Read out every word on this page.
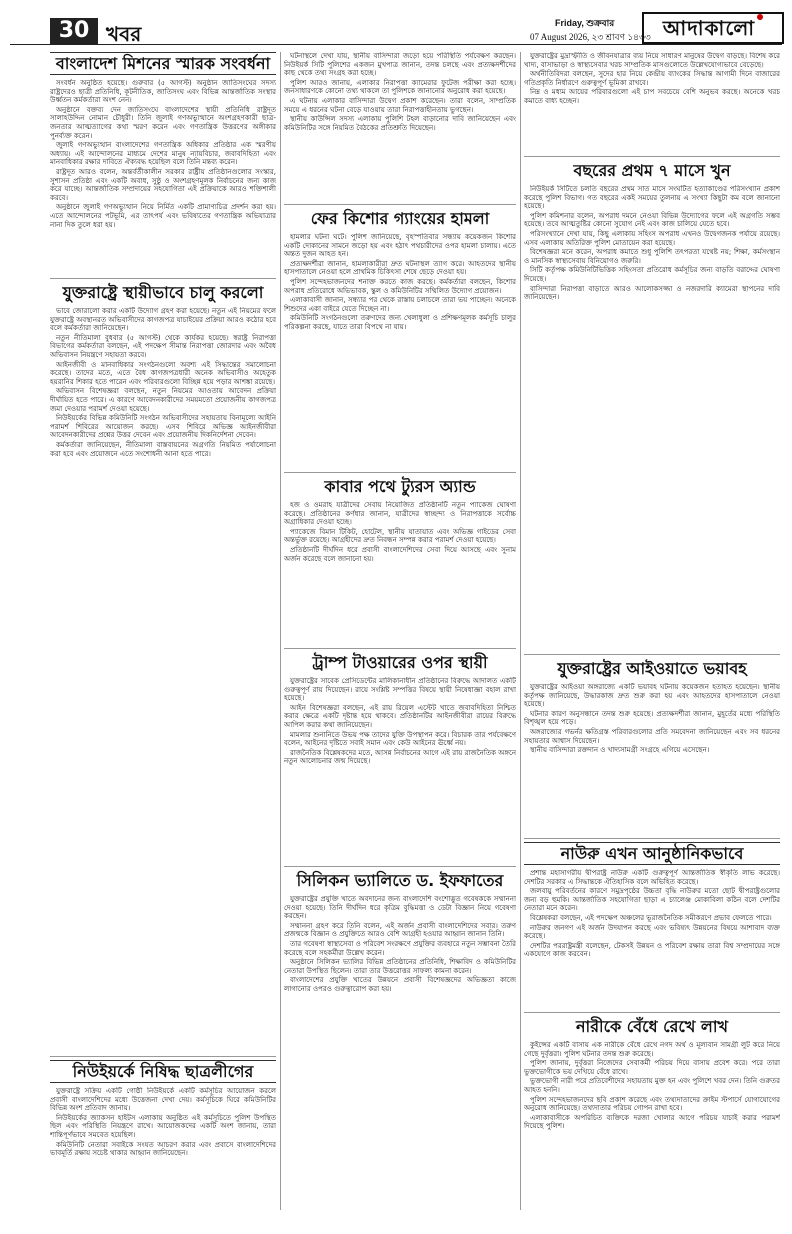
30 খবর	Friday, শুক্রবার
07 August 2026, ২৩ শ্রাবণ ১৪৩৩ আদাকালো
বাংলাদেশ মিশনের স্মারক সংবর্ধনা

সংবর্ধন অনুষ্ঠিত হয়েছে। গুরুবার (৫ আগস্ট) অনুষ্ঠান জাতিসংঘের সদস্য রাষ্ট্রদেরও ছাত্রী প্রতিনিধি, কূটনীতিক, জাতিসংঘ এবং বিভিন্ন আন্তর্জাতিক সংস্থার উর্ধ্বতন কর্মকর্তারা অংশ নেন।

অনুষ্ঠানে বক্তব্য দেন জাতিসংঘে বাংলাদেশের স্থায়ী প্রতিনিধি রাষ্ট্রদূত সালাহউদ্দিন নোমান চৌধুরী। তিনি জুলাই গণঅভ্যুত্থানে অংশগ্রহণকারী ছাত্র-জনতার আত্মত্যাগের কথা স্মরণ করেন এবং গণতান্ত্রিক উত্তরণের অঙ্গীকার পুনর্ব্যক্ত করেন।

জুলাই গণঅভ্যুত্থান বাংলাদেশের গণতান্ত্রিক অধিকার প্রতিষ্ঠার এক স্মরণীয় অধ্যায়। এই আন্দোলনের মাধ্যমে দেশের মানুষ ন্যায়বিচার, জবাবদিহিতা এবং মানবাধিকার রক্ষার দাবিতে ঐক্যবদ্ধ হয়েছিল বলে তিনি মন্তব্য করেন।

রাষ্ট্রদূত আরও বলেন, অন্তর্বর্তীকালীন সরকার রাষ্ট্রীয় প্রতিষ্ঠানগুলোর সংস্কার, সুশাসন প্রতিষ্ঠা এবং একটি অবাধ, সুষ্ঠু ও অংশগ্রহণমূলক নির্বাচনের জন্য কাজ করে যাচ্ছে। আন্তর্জাতিক সম্প্রদায়ের সহযোগিতা এই প্রক্রিয়াকে আরও শক্তিশালী করবে।

অনুষ্ঠানে জুলাই গণঅভ্যুত্থান নিয়ে নির্মিত একটি প্রামাণ্যচিত্র প্রদর্শন করা হয়। এতে আন্দোলনের পটভূমি, এর তাৎপর্য এবং ভবিষ্যতের গণতান্ত্রিক অভিযাত্রার নানা দিক তুলে ধরা হয়।

যুক্তরাষ্ট্রে স্থায়ীভাবে চালু করলো

ভাবে জোরালো করার একটি উদ্যোগ গ্রহণ করা হয়েছে। নতুন এই নিয়মের ফলে যুক্তরাষ্ট্রে অবস্থানরত অভিবাসীদের কাগজপত্র যাচাইয়ের প্রক্রিয়া আরও কঠোর হবে বলে কর্মকর্তারা জানিয়েছেন।

নতুন নীতিমালা বুধবার (৫ আগস্ট) থেকে কার্যকর হয়েছে। স্বরাষ্ট্র নিরাপত্তা বিভাগের কর্মকর্তারা বলছেন, এই পদক্ষেপ সীমান্ত নিরাপত্তা জোরদার এবং অবৈধ অভিবাসন নিয়ন্ত্রণে সহায়তা করবে।

আইনজীবী ও মানবাধিকার সংগঠনগুলো অবশ্য এই সিদ্ধান্তের সমালোচনা করেছে। তাদের মতে, এতে বৈধ কাগজপত্রধারী অনেক অভিবাসীও অহেতুক হয়রানির শিকার হতে পারেন এবং পরিবারগুলো বিচ্ছিন্ন হয়ে পড়ার আশঙ্কা রয়েছে।

অভিবাসন বিশেষজ্ঞরা বলছেন, নতুন নিয়মের আওতায় আবেদন প্রক্রিয়া দীর্ঘায়িত হতে পারে। এ কারণে আবেদনকারীদের সময়মতো প্রয়োজনীয় কাগজপত্র জমা দেওয়ার পরামর্শ দেওয়া হয়েছে।

নিউইয়র্কের বিভিন্ন কমিউনিটি সংগঠন অভিবাসীদের সহায়তায় বিনামূল্যে আইনি পরামর্শ শিবিরের আয়োজন করছে। এসব শিবিরে অভিজ্ঞ আইনজীবীরা আবেদনকারীদের প্রশ্নের উত্তর দেবেন এবং প্রয়োজনীয় দিকনির্দেশনা দেবেন।

কর্মকর্তারা জানিয়েছেন, নীতিমালা বাস্তবায়নের অগ্রগতি নিয়মিত পর্যালোচনা করা হবে এবং প্রয়োজনে এতে সংশোধনী আনা হতে পারে।

নিউইয়র্কে নিষিদ্ধ ছাত্রলীগের

যুক্তরাষ্ট্রে সক্রিয় একটি গোষ্ঠী নিউইয়র্কে একটি কর্মসূচির আয়োজন করলে প্রবাসী বাংলাদেশিদের মধ্যে উত্তেজনা দেখা দেয়। কর্মসূচিকে ঘিরে কমিউনিটির বিভিন্ন অংশ প্রতিবাদ জানায়।

নিউইয়র্কের জ্যাকসন হাইটস এলাকায় অনুষ্ঠিত এই কর্মসূচিতে পুলিশ উপস্থিত ছিল এবং পরিস্থিতি নিয়ন্ত্রণে রাখে। আয়োজকদের একটি অংশ জানায়, তারা শান্তিপূর্ণভাবে সমবেত হয়েছিল।

কমিউনিটি নেতারা সবাইকে সংযত আচরণ করার এবং প্রবাসে বাংলাদেশিদের ভাবমূর্তি রক্ষায় সচেষ্ট থাকার আহ্বান জানিয়েছেন।

ঘটনাস্থলে দেখা যায়, স্থানীয় বাসিন্দারা জড়ো হয়ে পরিস্থিতি পর্যবেক্ষণ করছেন। নিউইয়র্ক সিটি পুলিশের একজন মুখপাত্র জানান, তদন্ত চলছে এবং প্রত্যক্ষদর্শীদের কাছ থেকে তথ্য সংগ্রহ করা হচ্ছে।

পুলিশ আরও জানায়, এলাকার নিরাপত্তা ক্যামেরার ফুটেজ পরীক্ষা করা হচ্ছে। জনসাধারণকে কোনো তথ্য থাকলে তা পুলিশকে জানানোর অনুরোধ করা হয়েছে।

এ ঘটনায় এলাকার বাসিন্দারা উদ্বেগ প্রকাশ করেছেন। তারা বলেন, সাম্প্রতিক সময়ে এ ধরনের ঘটনা বেড়ে যাওয়ায় তারা নিরাপত্তাহীনতায় ভুগছেন।

স্থানীয় কাউন্সিল সদস্য এলাকায় পুলিশি টহল বাড়ানোর দাবি জানিয়েছেন এবং কমিউনিটির সঙ্গে নিয়মিত বৈঠকের প্রতিশ্রুতি দিয়েছেন।

ফের কিশোর গ্যাংয়ের হামলা

হামলার ঘটনা ঘটে। পুলিশ জানিয়েছে, বৃহস্পতিবার সন্ধ্যায় কয়েকজন কিশোর একটি দোকানের সামনে জড়ো হয় এবং হঠাৎ পথচারীদের ওপর হামলা চালায়। এতে অন্তত দুজন আহত হন।

প্রত্যক্ষদর্শীরা জানান, হামলাকারীরা দ্রুত ঘটনাস্থল ত্যাগ করে। আহতদের স্থানীয় হাসপাতালে নেওয়া হলে প্রাথমিক চিকিৎসা শেষে ছেড়ে দেওয়া হয়।

পুলিশ সন্দেহভাজনদের শনাক্ত করতে কাজ করছে। কর্মকর্তারা বলছেন, কিশোর অপরাধ প্রতিরোধে অভিভাবক, স্কুল ও কমিউনিটির সম্মিলিত উদ্যোগ প্রয়োজন।

এলাকাবাসী জানান, সন্ধ্যার পর থেকে রাস্তায় চলাচলে তারা ভয় পাচ্ছেন। অনেকে শিশুদের একা বাইরে যেতে দিচ্ছেন না।

কমিউনিটি সংগঠনগুলো তরুণদের জন্য খেলাধুলা ও প্রশিক্ষণমূলক কর্মসূচি চালুর পরিকল্পনা করছে, যাতে তারা বিপথে না যায়।

কাবার পথে ট্যুরস অ্যান্ড

হজ ও ওমরাহ যাত্রীদের সেবায় নিয়োজিত প্রতিষ্ঠানটি নতুন প্যাকেজ ঘোষণা করেছে। প্রতিষ্ঠানের কর্ণধার জানান, যাত্রীদের স্বাচ্ছন্দ্য ও নিরাপত্তাকে সর্বোচ্চ অগ্রাধিকার দেওয়া হচ্ছে।

প্যাকেজে বিমান টিকিট, হোটেল, স্থানীয় যাতায়াত এবং অভিজ্ঞ গাইডের সেবা অন্তর্ভুক্ত রয়েছে। আগ্রহীদের দ্রুত নিবন্ধন সম্পন্ন করার পরামর্শ দেওয়া হয়েছে।

প্রতিষ্ঠানটি দীর্ঘদিন ধরে প্রবাসী বাংলাদেশিদের সেবা দিয়ে আসছে এবং সুনাম অর্জন করেছে বলে জানানো হয়।

ট্রাম্প টাওয়ারের ওপর স্থায়ী

যুক্তরাষ্ট্রের সাবেক প্রেসিডেন্টের মালিকানাধীন প্রতিষ্ঠানের বিরুদ্ধে আদালত একটি গুরুত্বপূর্ণ রায় দিয়েছেন। রায়ে সংশ্লিষ্ট সম্পত্তির বিষয়ে স্থায়ী নিষেধাজ্ঞা বহাল রাখা হয়েছে।

আইন বিশেষজ্ঞরা বলছেন, এই রায় রিয়েল এস্টেট খাতে জবাবদিহিতা নিশ্চিত করার ক্ষেত্রে একটি দৃষ্টান্ত হয়ে থাকবে। প্রতিষ্ঠানটির আইনজীবীরা রায়ের বিরুদ্ধে আপিল করার কথা জানিয়েছেন।

মামলার শুনানিতে উভয় পক্ষ তাদের যুক্তি উপস্থাপন করে। বিচারক তার পর্যবেক্ষণে বলেন, আইনের দৃষ্টিতে সবাই সমান এবং কেউ আইনের ঊর্ধ্বে নয়।

রাজনৈতিক বিশ্লেষকদের মতে, আসন্ন নির্বাচনের আগে এই রায় রাজনৈতিক অঙ্গনে নতুন আলোচনার জন্ম দিয়েছে।

সিলিকন ভ্যালিতে ড. ইফফাতের

যুক্তরাষ্ট্রের প্রযুক্তি খাতে অবদানের জন্য বাংলাদেশি বংশোদ্ভূত গবেষককে সম্মাননা দেওয়া হয়েছে। তিনি দীর্ঘদিন ধরে কৃত্রিম বুদ্ধিমত্তা ও ডেটা বিজ্ঞান নিয়ে গবেষণা করছেন।

সম্মাননা গ্রহণ করে তিনি বলেন, এই অর্জন প্রবাসী বাংলাদেশিদের সবার। তরুণ প্রজন্মকে বিজ্ঞান ও প্রযুক্তিতে আরও বেশি আগ্রহী হওয়ার আহ্বান জানান তিনি।

তার গবেষণা স্বাস্থ্যসেবা ও পরিবেশ সংরক্ষণে প্রযুক্তির ব্যবহারে নতুন সম্ভাবনা তৈরি করেছে বলে সহকর্মীরা উল্লেখ করেন।

অনুষ্ঠানে সিলিকন ভ্যালির বিভিন্ন প্রতিষ্ঠানের প্রতিনিধি, শিক্ষাবিদ ও কমিউনিটির নেতারা উপস্থিত ছিলেন। তারা তার উত্তরোত্তর সাফল্য কামনা করেন।

বাংলাদেশের প্রযুক্তি খাতের উন্নয়নে প্রবাসী বিশেষজ্ঞদের অভিজ্ঞতা কাজে লাগানোর ওপরও গুরুত্বারোপ করা হয়।

যুক্তরাষ্ট্রের মুদ্রাস্ফীতি ও জীবনযাত্রার ব্যয় নিয়ে সাধারণ মানুষের উদ্বেগ বাড়ছে। বিশেষ করে খাদ্য, বাসাভাড়া ও স্বাস্থ্যসেবার খরচ সাম্প্রতিক মাসগুলোতে উল্লেখযোগ্যভাবে বেড়েছে।

অর্থনীতিবিদরা বলছেন, সুদের হার নিয়ে কেন্দ্রীয় ব্যাংকের সিদ্ধান্ত আগামী দিনে বাজারের গতিপ্রকৃতি নির্ধারণে গুরুত্বপূর্ণ ভূমিকা রাখবে।

নিম্ন ও মধ্যম আয়ের পরিবারগুলো এই চাপ সবচেয়ে বেশি অনুভব করছে। অনেকে খরচ কমাতে বাধ্য হচ্ছেন।

বছরের প্রথম ৭ মাসে খুন

নিউইয়র্ক সিটিতে চলতি বছরের প্রথম সাত মাসে সংঘটিত হত্যাকাণ্ডের পরিসংখ্যান প্রকাশ করেছে পুলিশ বিভাগ। গত বছরের একই সময়ের তুলনায় এ সংখ্যা কিছুটা কম বলে জানানো হয়েছে।

পুলিশ কমিশনার বলেন, অপরাধ দমনে নেওয়া বিভিন্ন উদ্যোগের ফলে এই অগ্রগতি সম্ভব হয়েছে। তবে আত্মতুষ্টির কোনো সুযোগ নেই এবং কাজ চালিয়ে যেতে হবে।

পরিসংখ্যানে দেখা যায়, কিছু এলাকায় সহিংস অপরাধ এখনও উদ্বেগজনক পর্যায়ে রয়েছে। এসব এলাকায় অতিরিক্ত পুলিশ মোতায়েন করা হয়েছে।

বিশেষজ্ঞরা মনে করেন, অপরাধ কমাতে শুধু পুলিশি তৎপরতা যথেষ্ট নয়; শিক্ষা, কর্মসংস্থান ও মানসিক স্বাস্থ্যসেবায় বিনিয়োগও জরুরি।

সিটি কর্তৃপক্ষ কমিউনিটিভিত্তিক সহিংসতা প্রতিরোধ কর্মসূচির জন্য বাড়তি বরাদ্দের ঘোষণা দিয়েছে।

বাসিন্দারা নিরাপত্তা বাড়াতে আরও আলোকসজ্জা ও নজরদারি ক্যামেরা স্থাপনের দাবি জানিয়েছেন।

যুক্তরাষ্ট্রের আইওয়াতে ভয়াবহ

যুক্তরাষ্ট্রের আইওয়া অঙ্গরাজ্যে একটি ভয়াবহ ঘটনায় কয়েকজন হতাহত হয়েছেন। স্থানীয় কর্তৃপক্ষ জানিয়েছে, উদ্ধারকাজ দ্রুত শুরু করা হয় এবং আহতদের হাসপাতালে নেওয়া হয়েছে।

ঘটনার কারণ অনুসন্ধানে তদন্ত শুরু হয়েছে। প্রত্যক্ষদর্শীরা জানান, মুহূর্তের মধ্যে পরিস্থিতি বিশৃঙ্খল হয়ে পড়ে।

অঙ্গরাজ্যের গভর্নর ক্ষতিগ্রস্ত পরিবারগুলোর প্রতি সমবেদনা জানিয়েছেন এবং সব ধরনের সহায়তার আশ্বাস দিয়েছেন।

স্থানীয় বাসিন্দারা রক্তদান ও খাদ্যসামগ্রী সংগ্রহে এগিয়ে এসেছেন।

নাউরু এখন আনুষ্ঠানিকভাবে

প্রশান্ত মহাসাগরীয় দ্বীপরাষ্ট্র নাউরু একটি গুরুত্বপূর্ণ আন্তর্জাতিক স্বীকৃতি লাভ করেছে। দেশটির সরকার এ সিদ্ধান্তকে ঐতিহাসিক বলে অভিহিত করেছে।

জলবায়ু পরিবর্তনের কারণে সমুদ্রপৃষ্ঠের উচ্চতা বৃদ্ধি নাউরুর মতো ছোট দ্বীপরাষ্ট্রগুলোর জন্য বড় হুমকি। আন্তর্জাতিক সহযোগিতা ছাড়া এ চ্যালেঞ্জ মোকাবিলা কঠিন বলে দেশটির নেতারা মনে করেন।

বিশ্লেষকরা বলছেন, এই পদক্ষেপ অঞ্চলের ভূরাজনৈতিক সমীকরণে প্রভাব ফেলতে পারে।

নাউরুর জনগণ এই অর্জন উদযাপন করছে এবং ভবিষ্যৎ উন্নয়নের বিষয়ে আশাবাদ ব্যক্ত করেছে।

দেশটির পররাষ্ট্রমন্ত্রী বলেছেন, টেকসই উন্নয়ন ও পরিবেশ রক্ষায় তারা বিশ্ব সম্প্রদায়ের সঙ্গে একযোগে কাজ করবেন।

নারীকে বেঁধে রেখে লাখ

কুইন্সের একটি বাসায় এক নারীকে বেঁধে রেখে নগদ অর্থ ও মূল্যবান সামগ্রী লুট করে নিয়ে গেছে দুর্বৃত্তরা। পুলিশ ঘটনার তদন্ত শুরু করেছে।

পুলিশ জানায়, দুর্বৃত্তরা নিজেদের সেবাকর্মী পরিচয় দিয়ে বাসায় প্রবেশ করে। পরে তারা ভুক্তভোগীকে ভয় দেখিয়ে বেঁধে রাখে।

ভুক্তভোগী নারী পরে প্রতিবেশীদের সহায়তায় মুক্ত হন এবং পুলিশে খবর দেন। তিনি গুরুতর আহত হননি।

পুলিশ সন্দেহভাজনদের ছবি প্রকাশ করেছে এবং তথ্যদাতাদের ক্রাইম স্টপার্সে যোগাযোগের অনুরোধ জানিয়েছে। তথ্যদাতার পরিচয় গোপন রাখা হবে।

এলাকাবাসীকে অপরিচিত ব্যক্তিকে দরজা খোলার আগে পরিচয় যাচাই করার পরামর্শ দিয়েছে পুলিশ।
